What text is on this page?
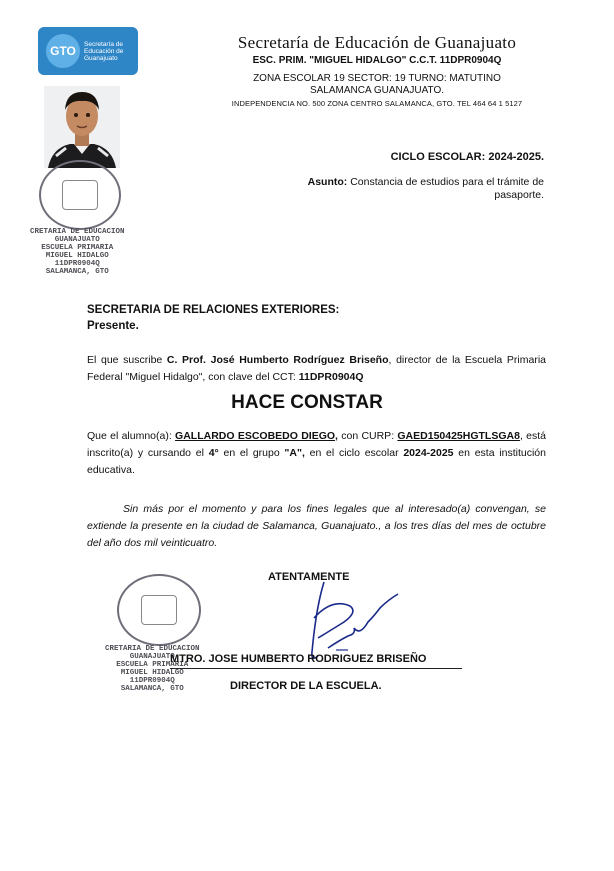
GTO	Secretaría de Educación de Guanajuato
Secretaría de Educación de Guanajuato
ESC. PRIM. "MIGUEL HIDALGO" C.C.T. 11DPR0904Q
ZONA ESCOLAR 19 SECTOR: 19 TURNO: MATUTINO
SALAMANCA GUANAJUATO.
INDEPENDENCIA NO. 500 ZONA CENTRO SALAMANCA, GTO. TEL 464 64 1 5127
CRETARIA DE EDUCACION
GUANAJUATO
ESCUELA PRIMARIA
MIGUEL HIDALGO
11DPR0904Q
SALAMANCA, GTO
CICLO ESCOLAR: 2024-2025.
Asunto: Constancia de estudios para el trámite de pasaporte.
SECRETARIA DE RELACIONES EXTERIORES:
Presente.
El que suscribe C. Prof. José Humberto Rodríguez Briseño, director de la Escuela Primaria Federal "Miguel Hidalgo", con clave del CCT: 11DPR0904Q
HACE CONSTAR
Que el alumno(a): GALLARDO ESCOBEDO DIEGO, con CURP: GAED150425HGTLSGA8, está inscrito(a) y cursando el 4° en el grupo "A", en el ciclo escolar 2024-2025 en esta institución educativa.
Sin más por el momento y para los fines legales que al interesado(a) convengan, se extiende la presente en la ciudad de Salamanca, Guanajuato., a los tres días del mes de octubre del año dos mil veinticuatro.
ATENTAMENTE
CRETARIA DE EDUCACION
GUANAJUATO
ESCUELA PRIMARIA
MIGUEL HIDALGO
11DPR0904Q
SALAMANCA, GTO
MTRO. JOSE HUMBERTO RODRIGUEZ BRISEÑO
DIRECTOR DE LA ESCUELA.
